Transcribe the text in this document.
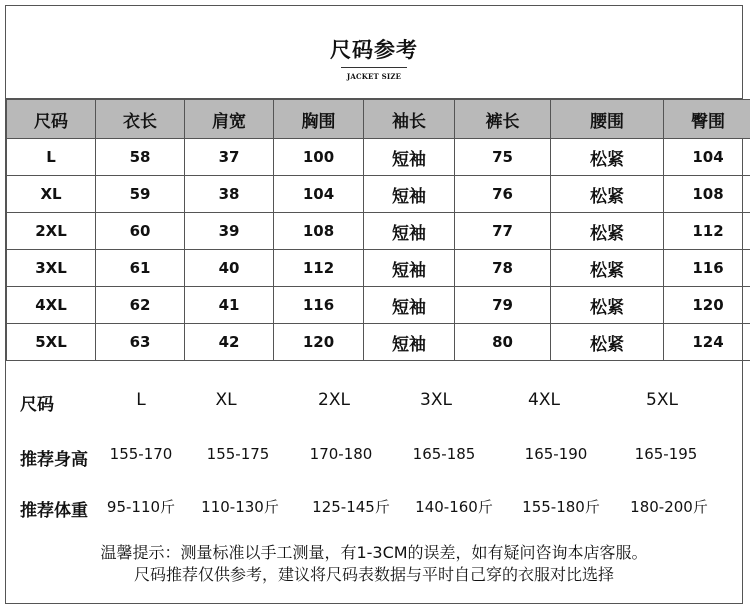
尺码参考
JACKET SIZE
尺码	衣长	肩宽	胸围	袖长	裤长	腰围	臀围
L	58	37	100	短袖	75	松紧	104
XL	59	38	104	短袖	76	松紧	108
2XL	60	39	108	短袖	77	松紧	112
3XL	61	40	112	短袖	78	松紧	116
4XL	62	41	116	短袖	79	松紧	120
5XL	63	42	120	短袖	80	松紧	124
尺码	L	XL	2XL	3XL	4XL	5XL
推荐身高	155-170	155-175	170-180	165-185	165-190	165-195
推荐体重	95-110斤	110-130斤	125-145斤	140-160斤	155-180斤	180-200斤
温馨提示：测量标准以手工测量，有1-3CM的误差，如有疑问咨询本店客服。
尺码推荐仅供参考，建议将尺码表数据与平时自己穿的衣服对比选择
